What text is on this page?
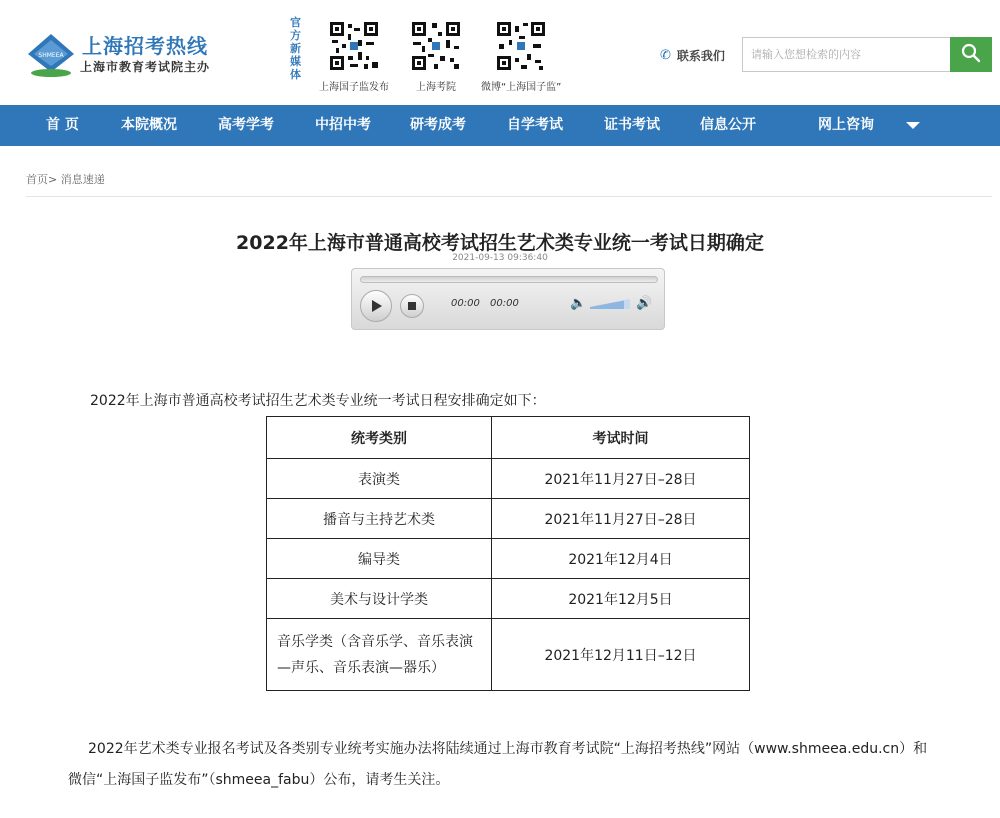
SHMEEA 上海招考热线
上海市教育考试院主办
官方新媒体
上海国子监发布	上海考院	微博“上海国子监”
✆ 联系我们
请输入您想检索的内容
首 页	本院概况	高考学考	中招中考	研考成考	自学考试	证书考试	信息公开	网上咨询
首页> 消息速递
2022年上海市普通高校考试招生艺术类专业统一考试日期确定
2021-09-13 09:36:40
00:00 00:00	🔈	🔊
2022年上海市普通高校考试招生艺术类专业统一考试日程安排确定如下：
统考类别	考试时间
表演类	2021年11月27日–28日
播音与主持艺术类	2021年11月27日–28日
编导类	2021年12月4日
美术与设计学类	2021年12月5日
音乐学类（含音乐学、音乐表演—声乐、音乐表演—器乐）	2021年12月11日–12日
2022年艺术类专业报名考试及各类别专业统考实施办法将陆续通过上海市教育考试院“上海招考热线”网站（www.shmeea.edu.cn）和微信“上海国子监发布”（shmeea_fabu）公布，请考生关注。
